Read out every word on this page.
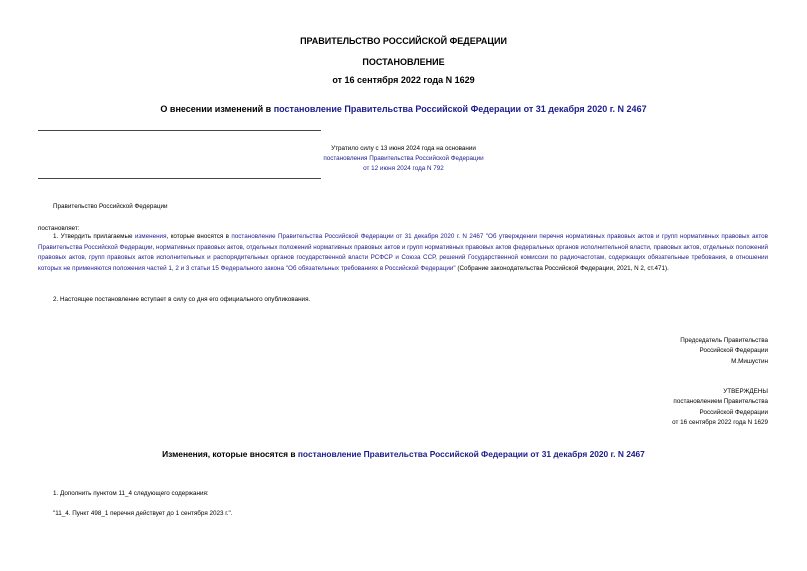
ПРАВИТЕЛЬСТВО РОССИЙСКОЙ ФЕДЕРАЦИИ
ПОСТАНОВЛЕНИЕ
от 16 сентября 2022 года N 1629
О внесении изменений в постановление Правительства Российской Федерации от 31 декабря 2020 г. N 2467
Утратило силу с 13 июня 2024 года на основании
постановления Правительства Российской Федерации
от 12 июня 2024 года N 792
Правительство Российской Федерации
постановляет:
1. Утвердить прилагаемые изменения, которые вносятся в постановление Правительства Российской Федерации от 31 декабря 2020 г. N 2467 "Об утверждении перечня нормативных правовых актов и групп нормативных правовых актов Правительства Российской Федерации, нормативных правовых актов, отдельных положений нормативных правовых актов и групп нормативных правовых актов федеральных органов исполнительной власти, правовых актов, отдельных положений правовых актов, групп правовых актов исполнительных и распорядительных органов государственной власти РСФСР и Союза ССР, решений Государственной комиссии по радиочастотам, содержащих обязательные требования, в отношении которых не применяются положения частей 1, 2 и 3 статьи 15 Федерального закона "Об обязательных требованиях в Российской Федерации" (Собрание законодательства Российской Федерации, 2021, N 2, ст.471).
2. Настоящее постановление вступает в силу со дня его официального опубликования.
Председатель Правительства
Российской Федерации
М.Мишустин
УТВЕРЖДЕНЫ
постановлением Правительства
Российской Федерации
от 16 сентября 2022 года N 1629
Изменения, которые вносятся в постановление Правительства Российской Федерации от 31 декабря 2020 г. N 2467
1. Дополнить пунктом 11_4 следующего содержания:
"11_4. Пункт 498_1 перечня действует до 1 сентября 2023 г.".
